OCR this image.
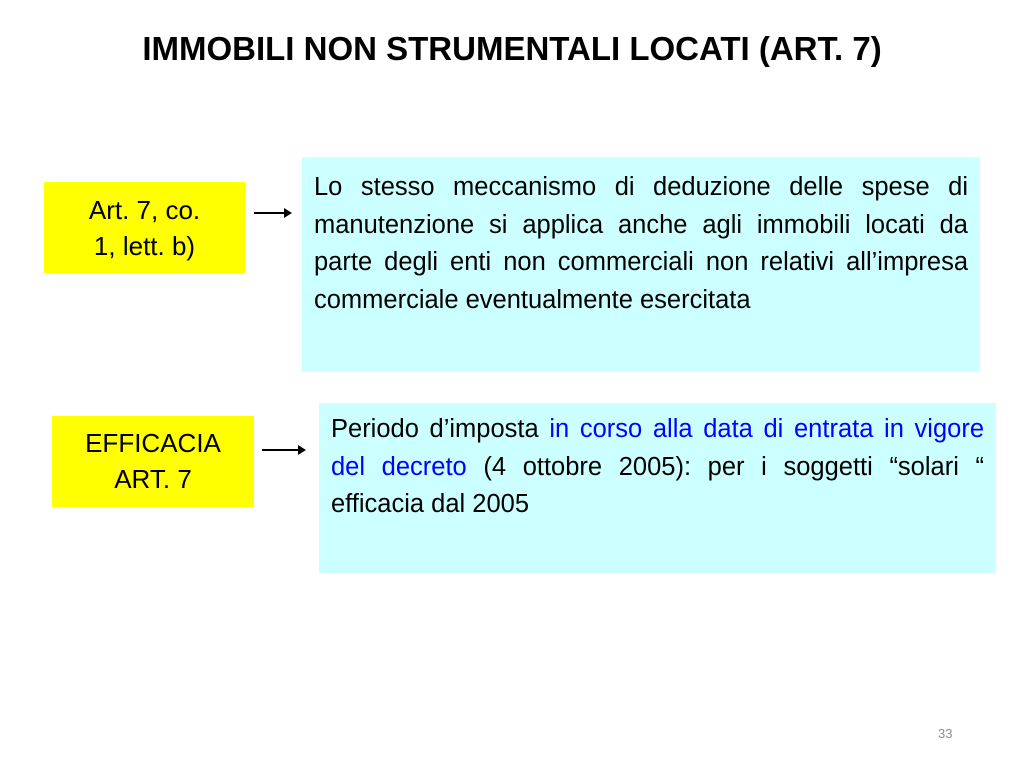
IMMOBILI NON STRUMENTALI LOCATI (ART. 7)
Art. 7, co.
1, lett. b)
Lo stesso meccanismo di deduzione delle spese di manutenzione si applica anche agli immobili locati da parte degli enti non commerciali non relativi all’impresa commerciale eventualmente esercitata
EFFICACIA
ART. 7
Periodo d’imposta in corso alla data di entrata in vigore del decreto (4 ottobre 2005): per i soggetti “solari “ efficacia dal 2005
33
